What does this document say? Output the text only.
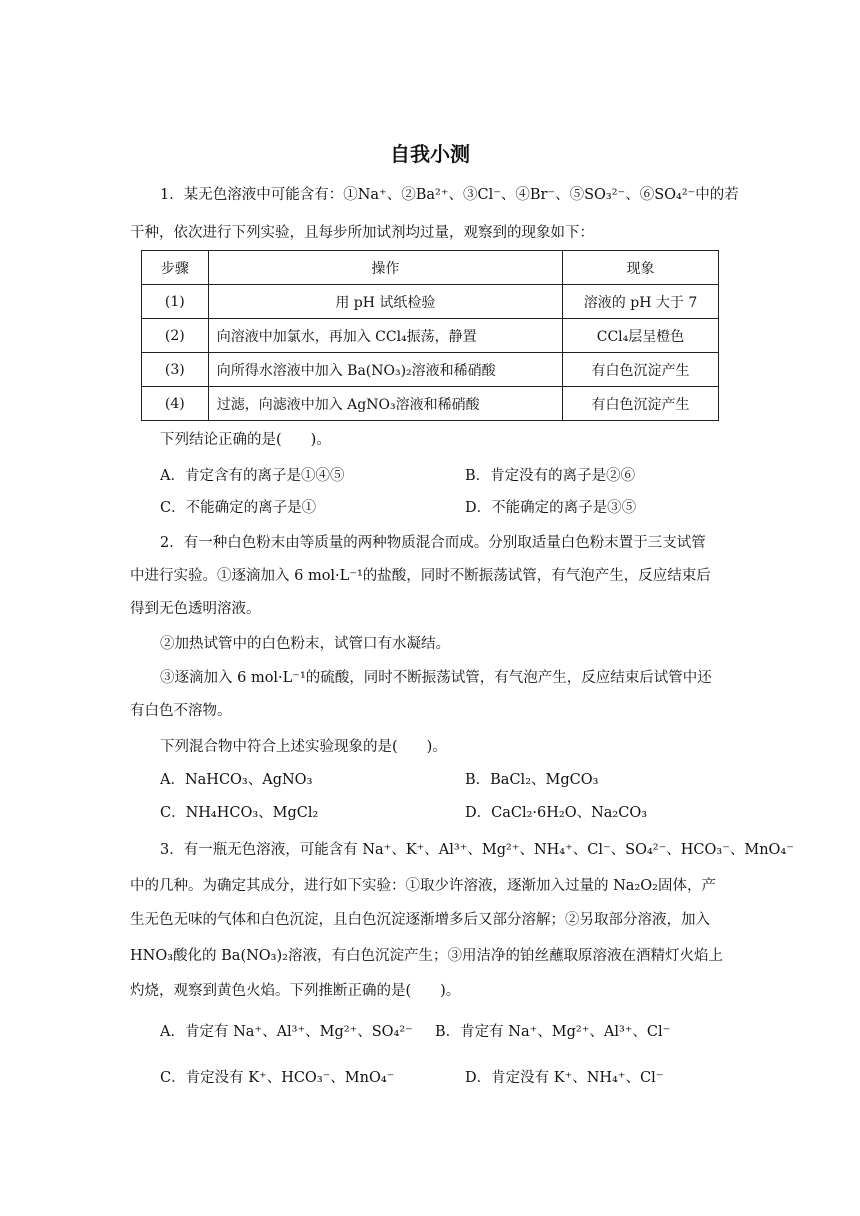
自我小测
1．某无色溶液中可能含有：①Na⁺、②Ba²⁺、③Cl⁻、④Br⁻、⑤SO₃²⁻、⑥SO₄²⁻中的若
干种，依次进行下列实验，且每步所加试剂均过量，观察到的现象如下：
步骤	操作	现象
(1)	用 pH 试纸检验	溶液的 pH 大于 7
(2)	向溶液中加氯水，再加入 CCl₄振荡，静置	CCl₄层呈橙色
(3)	向所得水溶液中加入 Ba(NO₃)₂溶液和稀硝酸	有白色沉淀产生
(4)	过滤，向滤液中加入 AgNO₃溶液和稀硝酸	有白色沉淀产生
下列结论正确的是(　　)。
A．肯定含有的离子是①④⑤	B．肯定没有的离子是②⑥
C．不能确定的离子是①	D．不能确定的离子是③⑤
2．有一种白色粉末由等质量的两种物质混合而成。分别取适量白色粉末置于三支试管
中进行实验。①逐滴加入 6 mol·L⁻¹的盐酸，同时不断振荡试管，有气泡产生，反应结束后
得到无色透明溶液。
②加热试管中的白色粉末，试管口有水凝结。
③逐滴加入 6 mol·L⁻¹的硫酸，同时不断振荡试管，有气泡产生，反应结束后试管中还
有白色不溶物。
下列混合物中符合上述实验现象的是(　　)。
A．NaHCO₃、AgNO₃	B．BaCl₂、MgCO₃
C．NH₄HCO₃、MgCl₂	D．CaCl₂·6H₂O、Na₂CO₃
3．有一瓶无色溶液，可能含有 Na⁺、K⁺、Al³⁺、Mg²⁺、NH₄⁺、Cl⁻、SO₄²⁻、HCO₃⁻、MnO₄⁻
中的几种。为确定其成分，进行如下实验：①取少许溶液，逐渐加入过量的 Na₂O₂固体，产
生无色无味的气体和白色沉淀，且白色沉淀逐渐增多后又部分溶解；②另取部分溶液，加入
HNO₃酸化的 Ba(NO₃)₂溶液，有白色沉淀产生；③用洁净的铂丝蘸取原溶液在酒精灯火焰上
灼烧，观察到黄色火焰。下列推断正确的是(　　)。
A．肯定有 Na⁺、Al³⁺、Mg²⁺、SO₄²⁻ B．肯定有 Na⁺、Mg²⁺、Al³⁺、Cl⁻
C．肯定没有 K⁺、HCO₃⁻、MnO₄⁻	D．肯定没有 K⁺、NH₄⁺、Cl⁻
